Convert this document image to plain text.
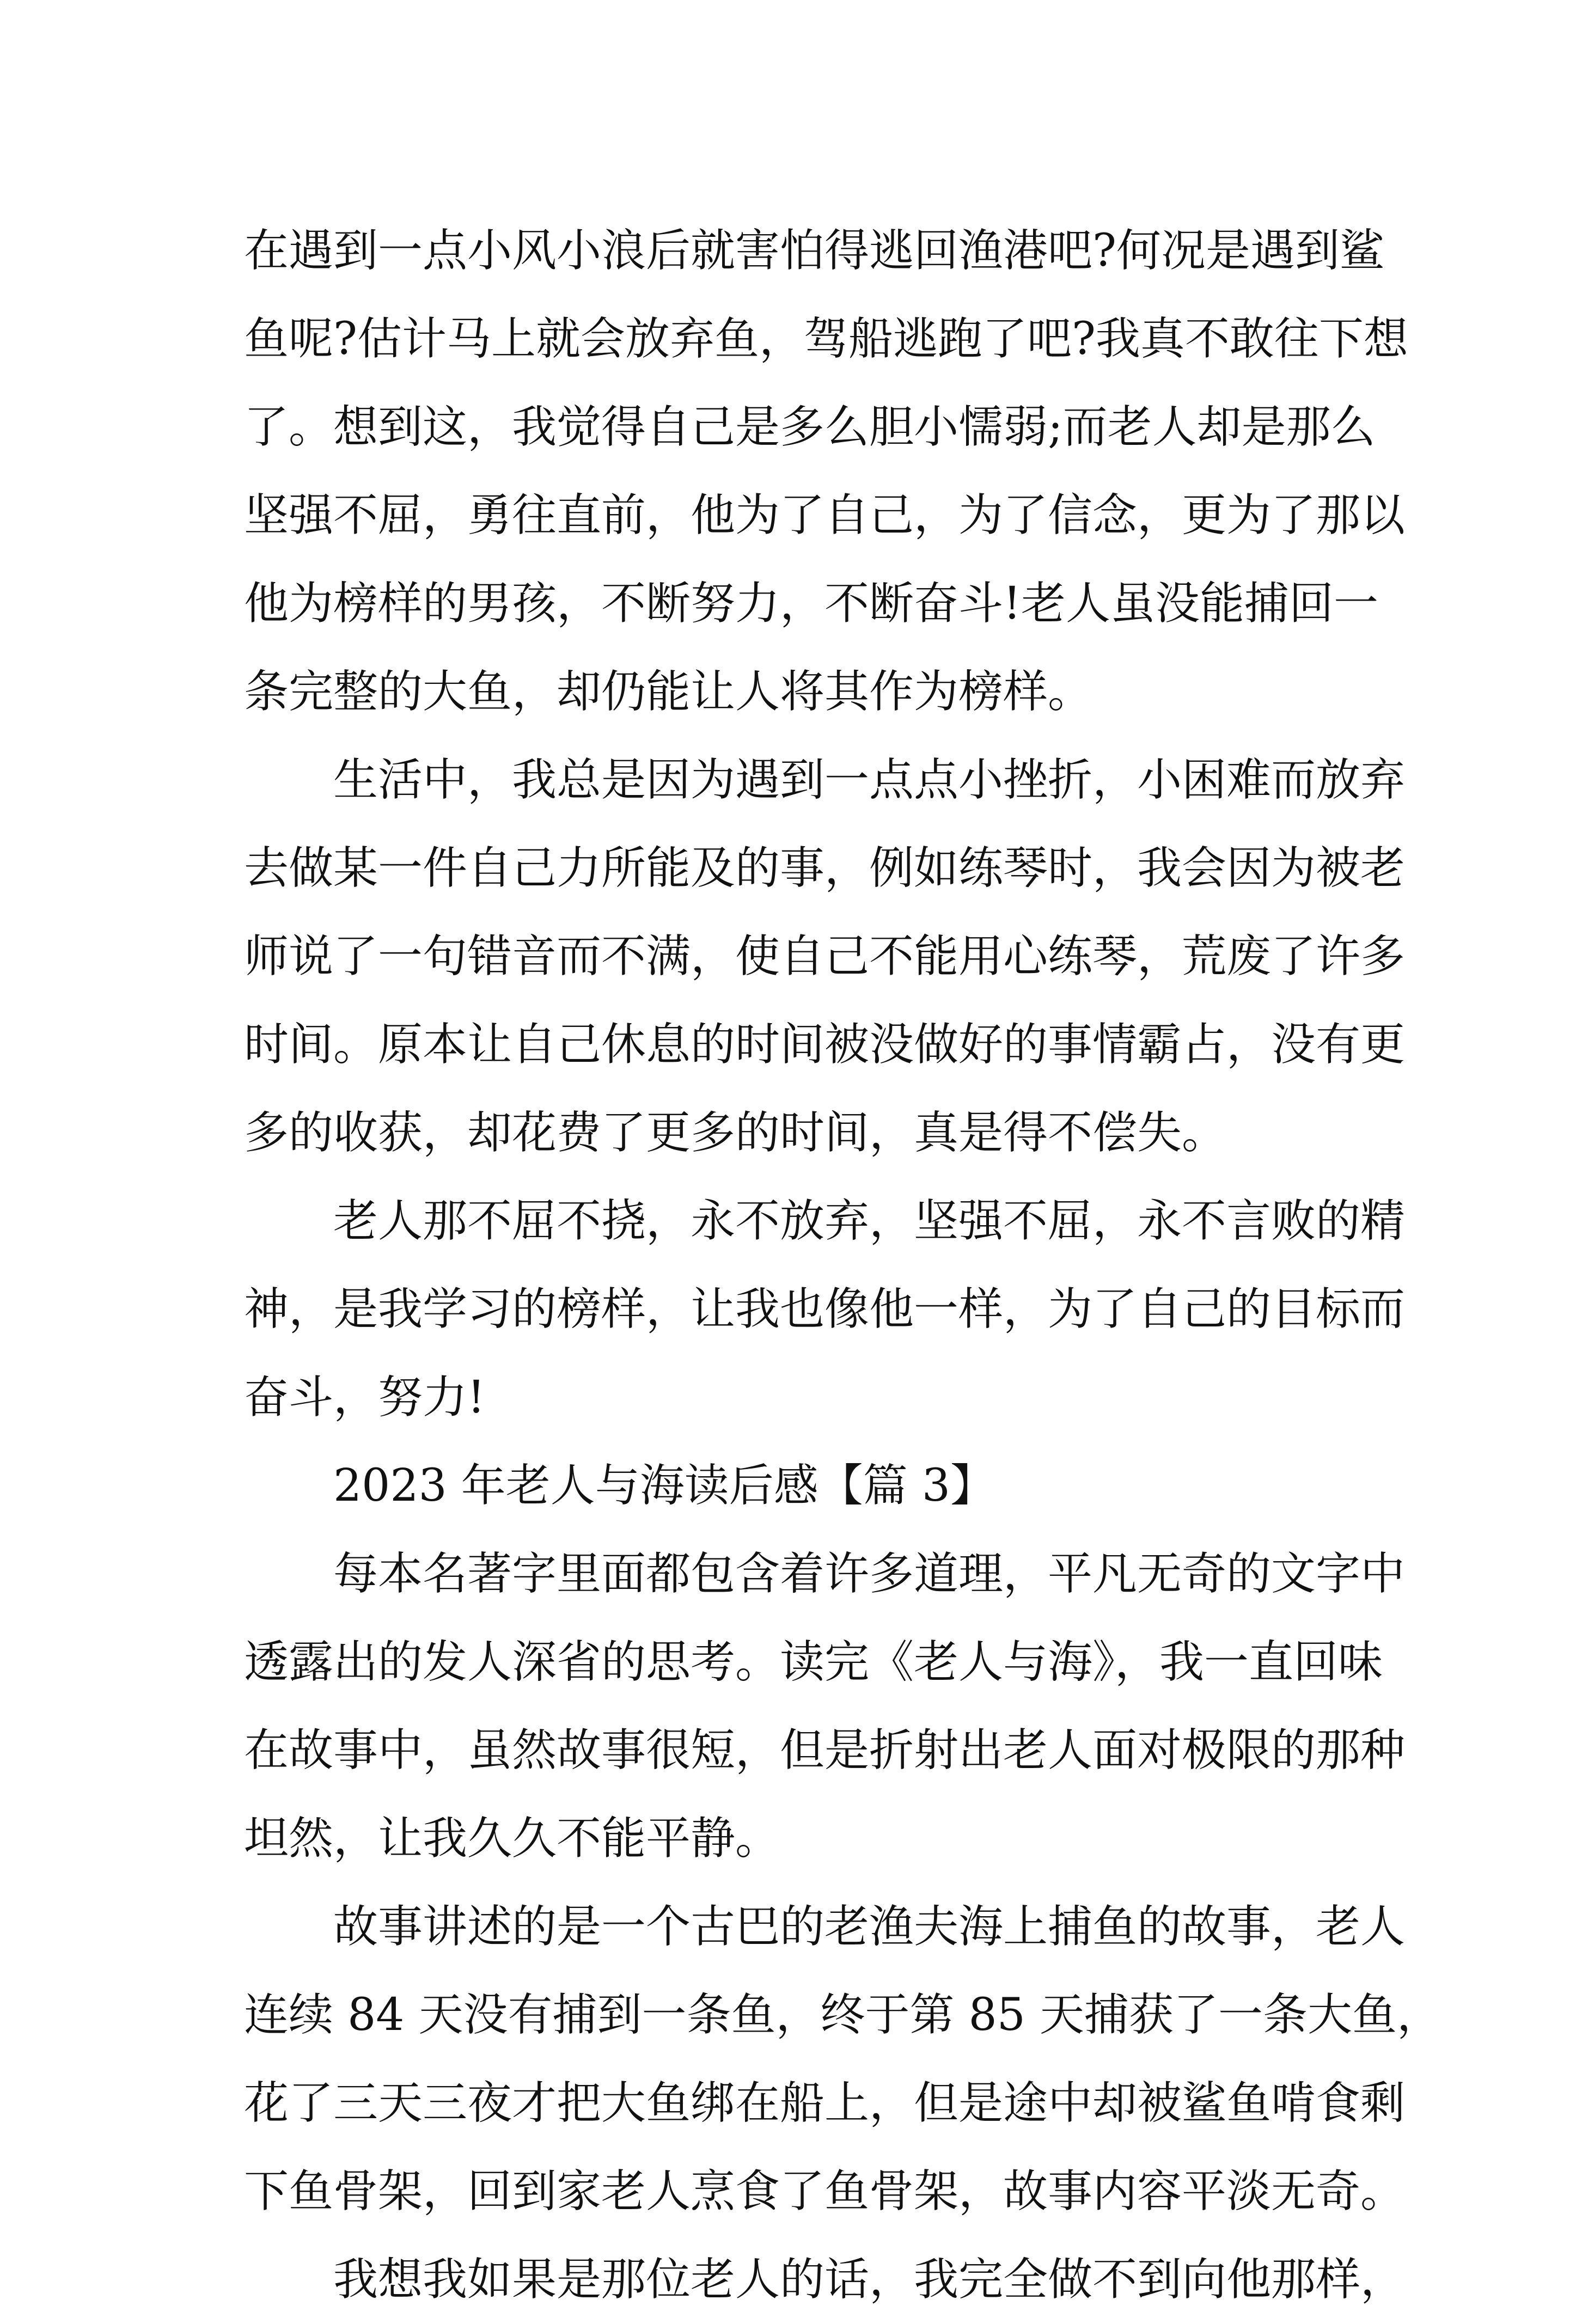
在遇到一点小风小浪后就害怕得逃回渔港吧?何况是遇到鲨
鱼呢?估计马上就会放弃鱼，驾船逃跑了吧?我真不敢往下想
了。想到这，我觉得自己是多么胆小懦弱;而老人却是那么
坚强不屈，勇往直前，他为了自己，为了信念，更为了那以
他为榜样的男孩，不断努力，不断奋斗!老人虽没能捕回一
条完整的大鱼，却仍能让人将其作为榜样。
生活中，我总是因为遇到一点点小挫折，小困难而放弃
去做某一件自己力所能及的事，例如练琴时，我会因为被老
师说了一句错音而不满，使自己不能用心练琴，荒废了许多
时间。原本让自己休息的时间被没做好的事情霸占，没有更
多的收获，却花费了更多的时间，真是得不偿失。
老人那不屈不挠，永不放弃，坚强不屈，永不言败的精
神，是我学习的榜样，让我也像他一样，为了自己的目标而
奋斗，努力!
2023 年老人与海读后感【篇 3】
每本名著字里面都包含着许多道理，平凡无奇的文字中
透露出的发人深省的思考。读完《老人与海》，我一直回味
在故事中，虽然故事很短，但是折射出老人面对极限的那种
坦然，让我久久不能平静。
故事讲述的是一个古巴的老渔夫海上捕鱼的故事，老人
连续 84 天没有捕到一条鱼，终于第 85 天捕获了一条大鱼，
花了三天三夜才把大鱼绑在船上，但是途中却被鲨鱼啃食剩
下鱼骨架，回到家老人烹食了鱼骨架，故事内容平淡无奇。
我想我如果是那位老人的话，我完全做不到向他那样，
